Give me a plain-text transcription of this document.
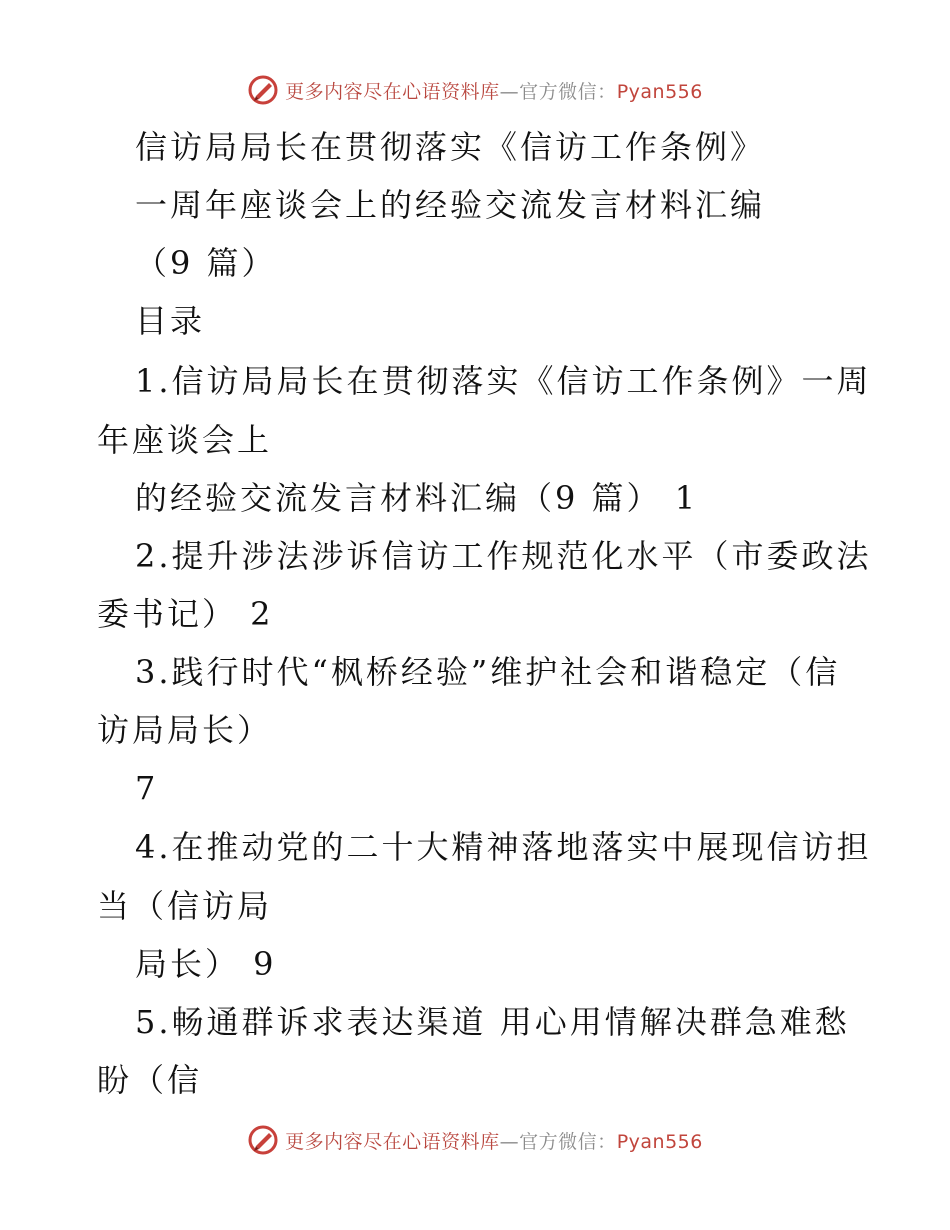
更多内容尽在心语资料库—官方微信：Pyan556
信访局局长在贯彻落实《信访工作条例》
一周年座谈会上的经验交流发言材料汇编
（9 篇）
目录
1.信访局局长在贯彻落实《信访工作条例》一周
年座谈会上
的经验交流发言材料汇编（9 篇） 1
2.提升涉法涉诉信访工作规范化水平（市委政法
委书记） 2
3.践行时代“枫桥经验”维护社会和谐稳定（信
访局局长）
7
4.在推动党的二十大精神落地落实中展现信访担
当（信访局
局长） 9
5.畅通群诉求表达渠道 用心用情解决群急难愁
盼（信
更多内容尽在心语资料库—官方微信：Pyan556
